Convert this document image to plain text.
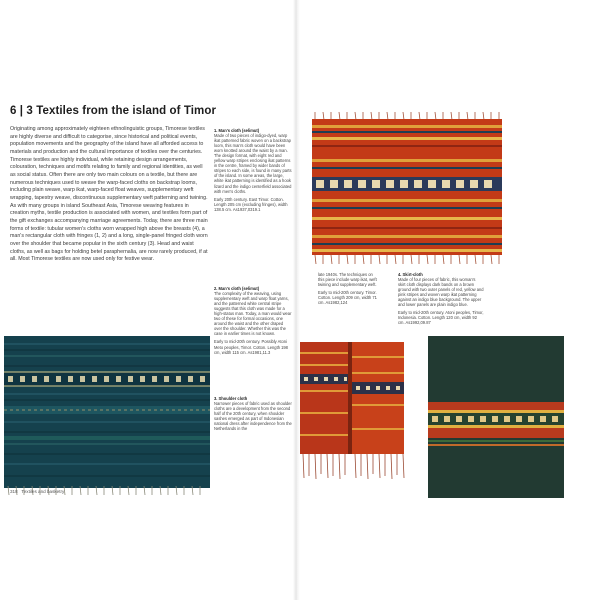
6 | 3 Textiles from the island of Timor

Originating among approximately eighteen ethnolinguistic groups, Timorese textiles are highly diverse and difficult to categorise, since historical and political events, population movements and the geography of the island have all afforded access to materials and production and the cultural importance of textiles over the centuries. Timorese textiles are highly individual, while retaining design arrangements, colouration, techniques and motifs relating to family and regional identities, as well as social status. Often there are only two main colours on a textile, but there are numerous techniques used to weave the warp-faced cloths on backstrap looms, including plain weave, warp ikat, warp-faced float weaves, supplementary weft wrapping, tapestry weave, discontinuous supplementary weft patterning and twining. As with many groups in island Southeast Asia, Timorese weaving features in creation myths, textile production is associated with women, and textiles form part of the gift exchanges accompanying marriage agreements. Today, there are three main forms of textile: tubular women's cloths worn wrapped high above the breasts (4), a man's rectangular cloth with fringes (1, 2) and a long, single-panel fringed cloth worn over the shoulder that became popular in the sixth century (3). Head and waist cloths, as well as bags for holding betel paraphernalia, are now rarely produced, if at all. Most Timorese textiles are now used only for festive wear.

1. Man's cloth (selimut)
Made of two pieces of indigo-dyed, warp ikat patterned fabric woven on a backstrap loom, this man's cloth would have been worn knotted around the waist by a man. The design format, with eight red and yellow warp stripes enclosing ikat patterns in the centre, framed by wider bands of stripes to each side, is found in many parts of the island. In some areas, the large, white ikat patterning is identified as a hook lizard and the indigo centerfield associated with men's cloths.
Early 20th century. East Timor. Cotton. Length 205 cm (excluding fringes), width 138.5 cm. As1937,0319.1

2. Man's cloth (selimut)
The complexity of the weaving, using supplementary weft and warp float yarns, and the patterned white central stripe suggests that this cloth was made for a high-status man. Today, a man would wear two of these for formal occasions, one around the waist and the other draped over the shoulder. Whether this was the case in earlier times is not known.
Early to mid-20th century. Possibly Atoni Meto peoples, Timor. Cotton. Length 198 cm, width 115 cm. As1981,11.3

3. Shoulder cloth
Narrower pieces of fabric used as shoulder cloths are a development from the second half of the 20th century, when shoulder sashes emerged as part of Indonesian national dress after independence from the Netherlands in the

318 Textiles and basketry

late 1940s. The techniques on this piece include warp ikat, weft twining and supplementary weft.
Early to mid-20th century. Timor. Cotton. Length 209 cm, width 71 cm. As1982,124

4. Skirt-cloth
Made of four pieces of fabric, this woman's skirt cloth displays dark bands on a brown ground with two outer panels of red, yellow and pink stripes and woven warp ikat patterning against an indigo blue background. The upper and lower panels are plain indigo blue.
Early to mid-20th century. Atoni peoples, Timor, Indonesia. Cotton. Length 120 cm, width 92 cm. As1992,09.87
